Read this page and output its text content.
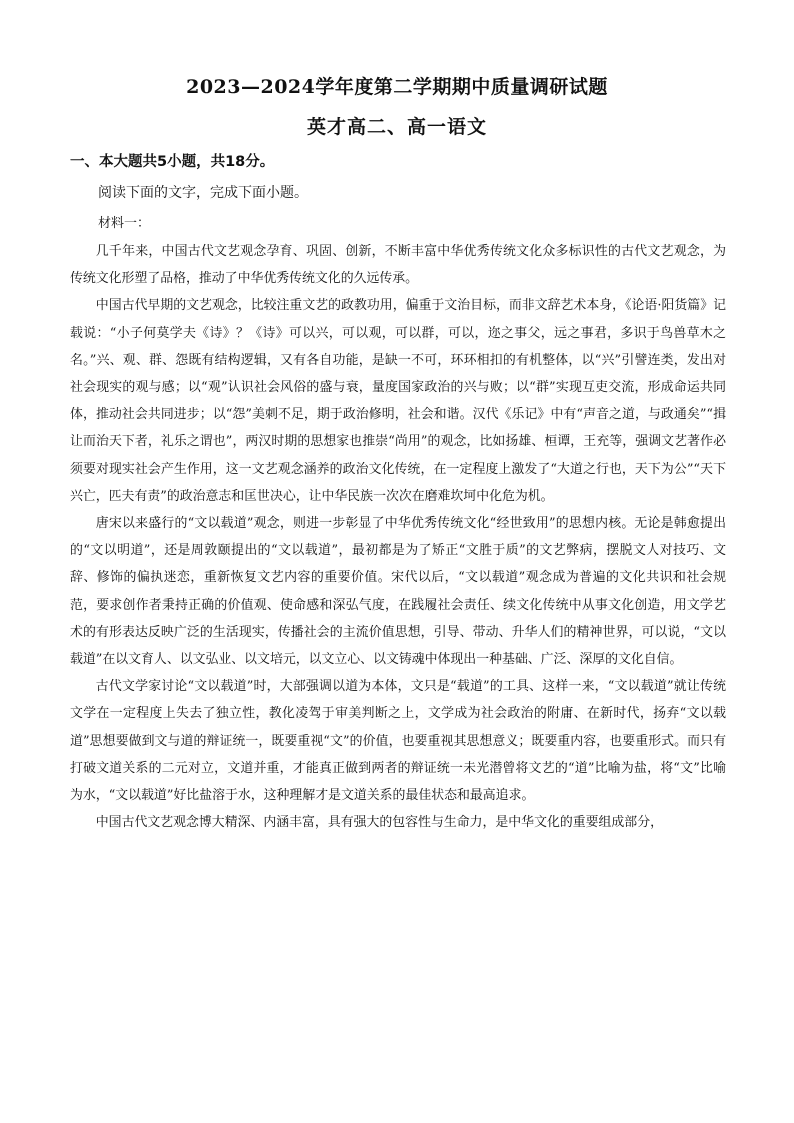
2023—2024学年度第二学期期中质量调研试题
英才高二、高一语文
一、本大题共5小题，共18分。
阅读下面的文字，完成下面小题。
材料一：

几千年来，中国古代文艺观念孕育、巩固、创新，不断丰富中华优秀传统文化众多标识性的古代文艺观念，为传统文化形塑了品格，推动了中华优秀传统文化的久远传承。

中国古代早期的文艺观念，比较注重文艺的政教功用，偏重于文治目标，而非文辞艺术本身，《论语·阳货篇》记载说：“小子何莫学夫《诗》？《诗》可以兴，可以观，可以群，可以，迩之事父，远之事君，多识于鸟兽草木之名。”兴、观、群、怨既有结构逻辑，又有各自功能，是缺一不可，环环相扣的有机整体，以“兴”引譬连类，发出对社会现实的观与感；以“观”认识社会风俗的盛与衰，量度国家政治的兴与败；以“群”实现互吏交流，形成命运共同体，推动社会共同进步；以“怨”美刺不足，期于政治修明，社会和谐。汉代《乐记》中有“声音之道，与政通矣”“揖让而治天下者，礼乐之谓也”，两汉时期的思想家也推崇“尚用”的观念，比如扬雄、桓谭，王充等，强调文艺著作必须要对现实社会产生作用，这一文艺观念涵养的政治文化传统，在一定程度上激发了“大道之行也，天下为公”“天下兴亡，匹夫有责”的政治意志和匡世决心，让中华民族一次次在磨难坎坷中化危为机。

唐宋以来盛行的“文以载道”观念，则进一步彰显了中华优秀传统文化“经世致用”的思想内核。无论是韩愈提出的“文以明道”，还是周敦颐提出的“文以载道”，最初都是为了矫正“文胜于质”的文艺弊病，摆脱文人对技巧、文辞、修饰的偏执迷恋，重新恢复文艺内容的重要价值。宋代以后，“文以载道”观念成为普遍的文化共识和社会规范，要求创作者秉持正确的价值观、使命感和深弘气度，在践履社会责任、续文化传统中从事文化创造，用文学艺术的有形表达反映广泛的生活现实，传播社会的主流价值思想，引导、带动、升华人们的精神世界，可以说，“文以载道”在以文育人、以文弘业、以文培元，以文立心、以文铸魂中体现出一种基础、广泛、深厚的文化自信。

古代文学家讨论“文以载道”时，大部强调以道为本体，文只是“载道”的工具、这样一来，“文以载道”就让传统文学在一定程度上失去了独立性，教化凌驾于审美判断之上，文学成为社会政治的附庸、在新时代，扬弃“文以载道”思想要做到文与道的辩证统一，既要重视“文”的价值，也要重视其思想意义；既要重内容，也要重形式。而只有打破文道关系的二元对立，文道并重，才能真正做到两者的辩证统一未光潜曾将文艺的“道”比喻为盐，将“文”比喻为水，“文以载道”好比盐溶于水，这种理解才是文道关系的最佳状态和最高追求。

中国古代文艺观念博大精深、内涵丰富，具有强大的包容性与生命力，是中华文化的重要组成部分，
